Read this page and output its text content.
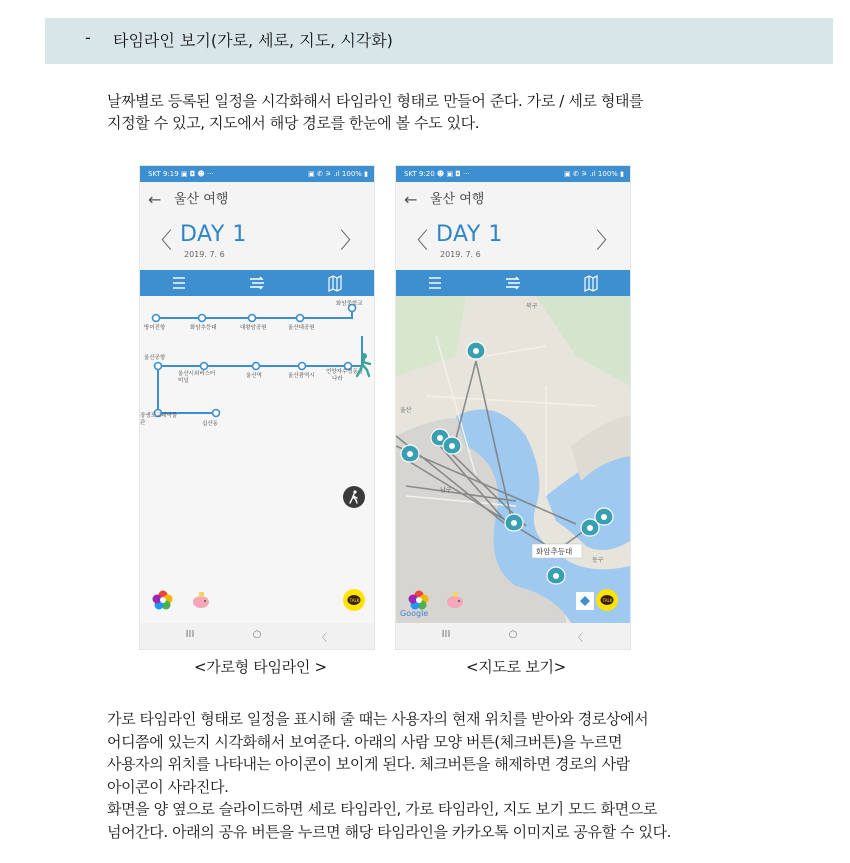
- 타임라인 보기(가로, 세로, 지도, 시각화)
날짜별로 등록된 일정을 시각화해서 타임라인 형태로 만들어 준다. 가로 / 세로 형태를
지정할 수 있고, 지도에서 해당 경로를 한눈에 볼 수도 있다.
SKT 9:19 ▣ ◘ ☻ ···	▣ ✆ ⚞ .ıl 100% ▮
← 울산 여행
〈 DAY 1
2019. 7. 6
〉
화암중학교
방어진항	화암추등대	대왕암공원	울산대공원
울산공항
울산시외버스터
미널
울산역	울산광역시
언양자수정동굴
나라
장생포고래박물
관	십산동
TALK
III	○	〈
SKT 9:20 ☻ ▣ ◘ ···	▣ ✆ ⚞ .ıl 100% ▮
← 울산 여행
〈 DAY 1
2019. 7. 6
〉
화암추등대
북구
남구
울산
동구
Google
TALK
III	○	〈
<가로형 타임라인 >	<지도로 보기>
가로 타임라인 형태로 일정을 표시해 줄 때는 사용자의 현재 위치를 받아와 경로상에서
어디쯤에 있는지 시각화해서 보여준다. 아래의 사람 모양 버튼(체크버튼)을 누르면
사용자의 위치를 나타내는 아이콘이 보이게 된다. 체크버튼을 해제하면 경로의 사람
아이콘이 사라진다.
화면을 양 옆으로 슬라이드하면 세로 타임라인, 가로 타임라인, 지도 보기 모드 화면으로
넘어간다. 아래의 공유 버튼을 누르면 해당 타임라인을 카카오톡 이미지로 공유할 수 있다.
